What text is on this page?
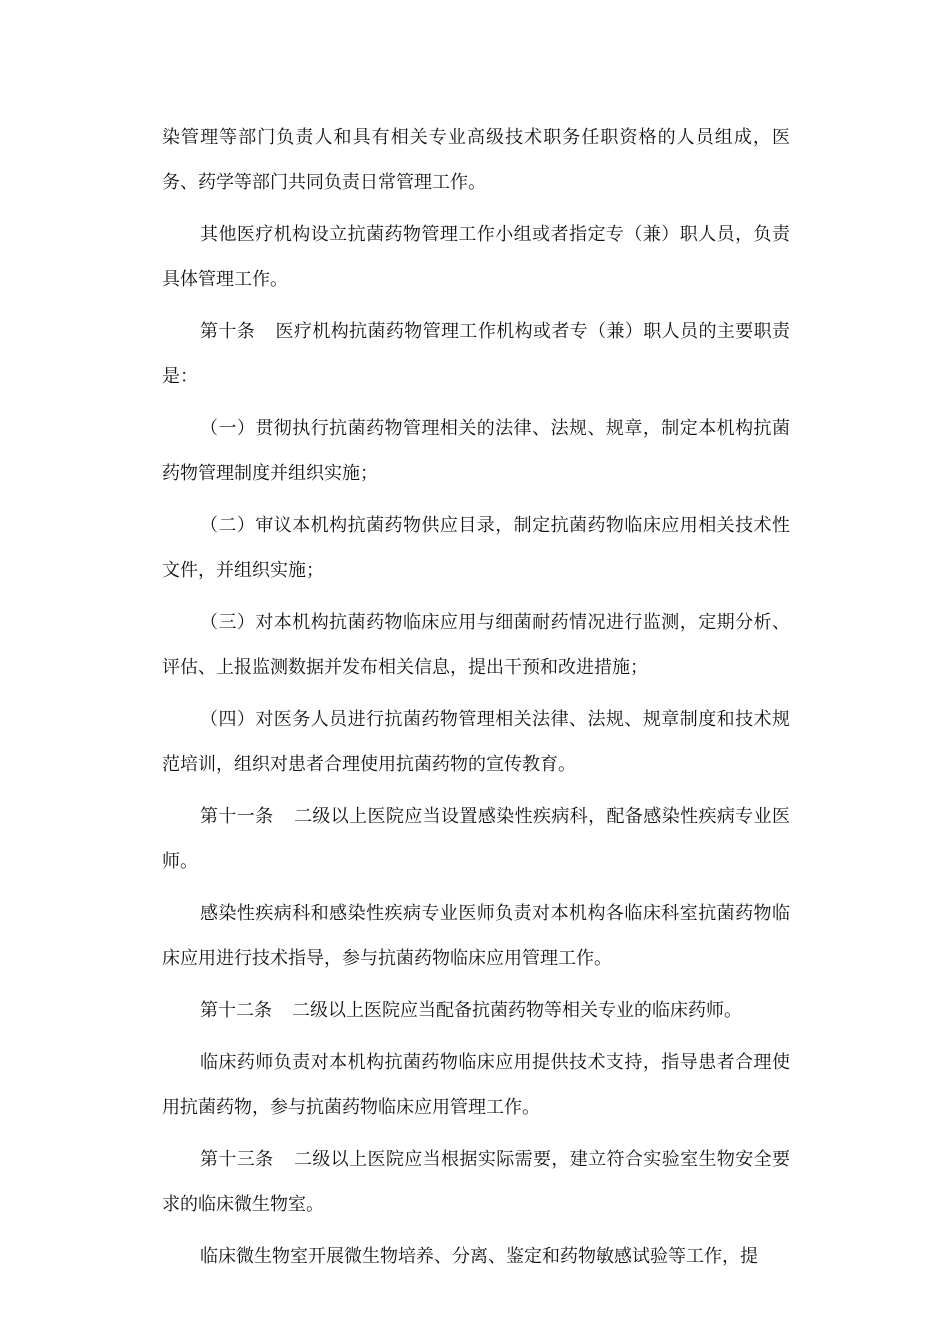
染管理等部门负责人和具有相关专业高级技术职务任职资格的人员组成，医务、药学等部门共同负责日常管理工作。

其他医疗机构设立抗菌药物管理工作小组或者指定专（兼）职人员，负责具体管理工作。

第十条 医疗机构抗菌药物管理工作机构或者专（兼）职人员的主要职责是：

（一）贯彻执行抗菌药物管理相关的法律、法规、规章，制定本机构抗菌药物管理制度并组织实施；

（二）审议本机构抗菌药物供应目录，制定抗菌药物临床应用相关技术性文件，并组织实施；

（三）对本机构抗菌药物临床应用与细菌耐药情况进行监测，定期分析、评估、上报监测数据并发布相关信息，提出干预和改进措施；

（四）对医务人员进行抗菌药物管理相关法律、法规、规章制度和技术规范培训，组织对患者合理使用抗菌药物的宣传教育。

第十一条 二级以上医院应当设置感染性疾病科，配备感染性疾病专业医师。

感染性疾病科和感染性疾病专业医师负责对本机构各临床科室抗菌药物临床应用进行技术指导，参与抗菌药物临床应用管理工作。

第十二条 二级以上医院应当配备抗菌药物等相关专业的临床药师。

临床药师负责对本机构抗菌药物临床应用提供技术支持，指导患者合理使用抗菌药物，参与抗菌药物临床应用管理工作。

第十三条 二级以上医院应当根据实际需要，建立符合实验室生物安全要求的临床微生物室。

临床微生物室开展微生物培养、分离、鉴定和药物敏感试验等工作，提
